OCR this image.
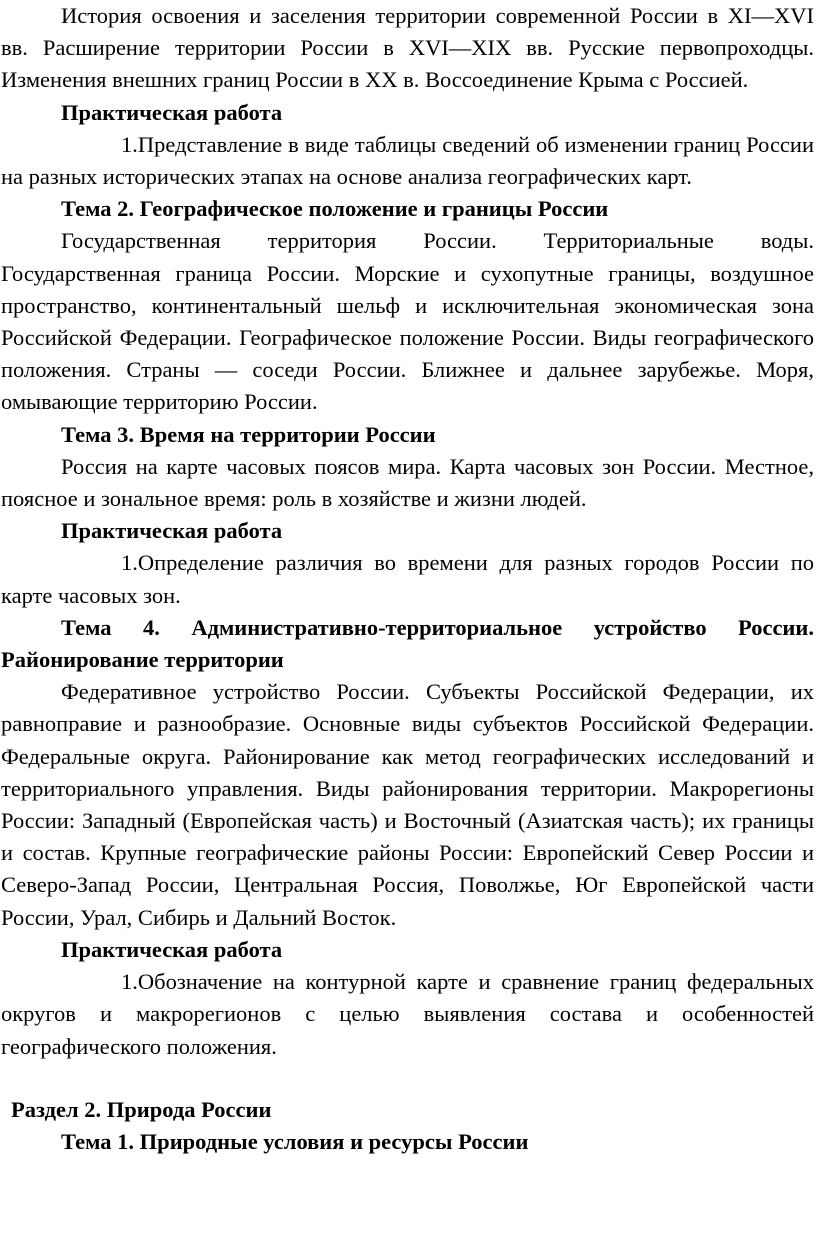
История освоения и заселения территории современной России в XI—XVI вв. Расширение территории России в XVI—XIX вв. Русские первопроходцы. Изменения внешних границ России в XX в. Воссоединение Крыма с Россией.

Практическая работа

1.Представление в виде таблицы сведений об изменении границ России на разных исторических этапах на основе анализа географических карт.

Тема 2. Географическое положение и границы России

Государственная территория России. Территориальные воды. Государственная граница России. Морские и сухопутные границы, воздушное пространство, континентальный шельф и исключительная экономическая зона Российской Федерации. Географическое положение России. Виды географического положения. Страны — соседи России. Ближнее и дальнее зарубежье. Моря, омывающие территорию России.

Тема 3. Время на территории России

Россия на карте часовых поясов мира. Карта часовых зон России. Местное, поясное и зональное время: роль в хозяйстве и жизни людей.

Практическая работа

1.Определение различия во времени для разных городов России по карте часовых зон.

Тема 4. Административно-территориальное устройство России. Районирование территории

Федеративное устройство России. Субъекты Российской Федерации, их равноправие и разнообразие. Основные виды субъектов Российской Федерации. Федеральные округа. Районирование как метод географических исследований и территориального управления. Виды районирования территории. Макрорегионы России: Западный (Европейская часть) и Восточный (Азиатская часть); их границы и состав. Крупные географические районы России: Европейский Север России и Северо-Запад России, Центральная Россия, Поволжье, Юг Европейской части России, Урал, Сибирь и Дальний Восток.

Практическая работа

1.Обозначение на контурной карте и сравнение границ федеральных округов и макрорегионов с целью выявления состава и особенностей географического положения.

Раздел 2. Природа России

Тема 1. Природные условия и ресурсы России
